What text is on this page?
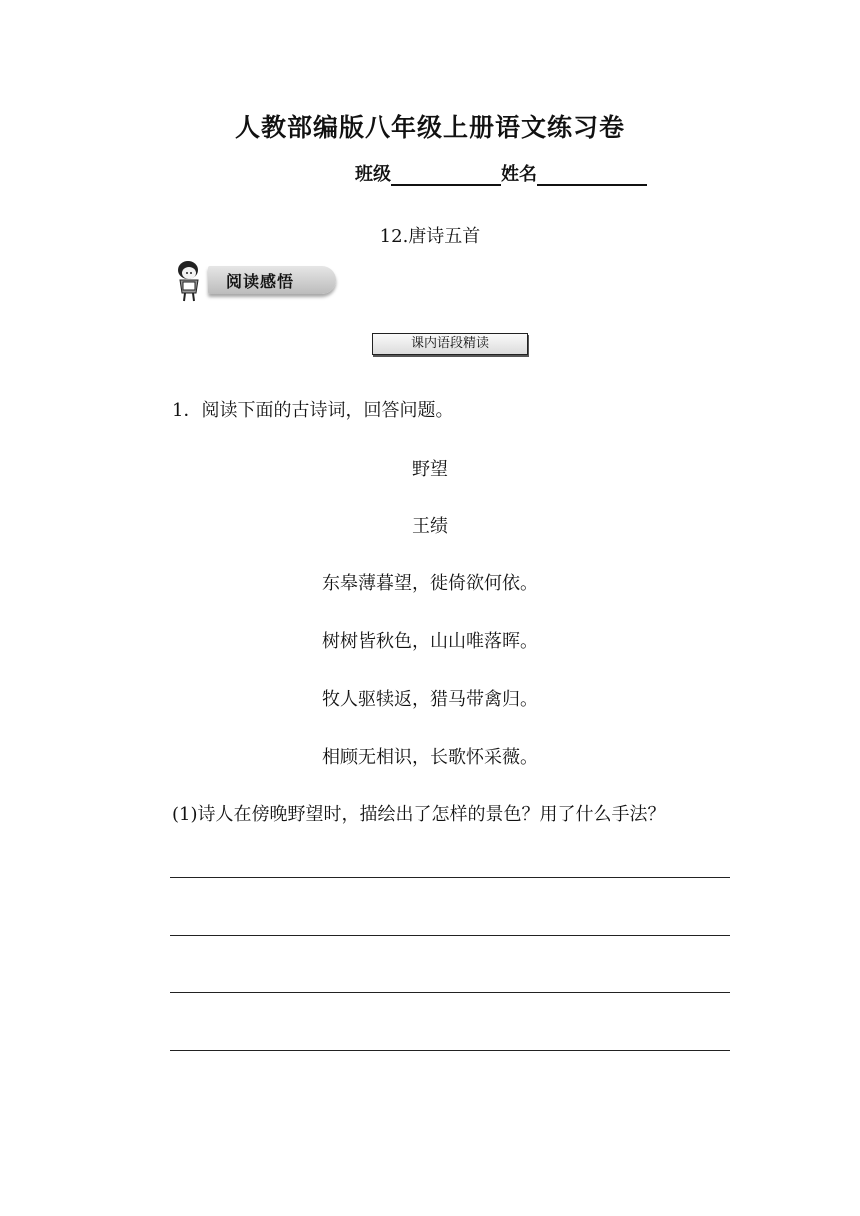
人教部编版八年级上册语文练习卷
班级	姓名
12.唐诗五首
阅读感悟
课内语段精读
1．阅读下面的古诗词，回答问题。
野望
王绩
东皋薄暮望，徙倚欲何依。
树树皆秋色，山山唯落晖。
牧人驱犊返，猎马带禽归。
相顾无相识，长歌怀采薇。
(1)诗人在傍晚野望时，描绘出了怎样的景色？用了什么手法？
